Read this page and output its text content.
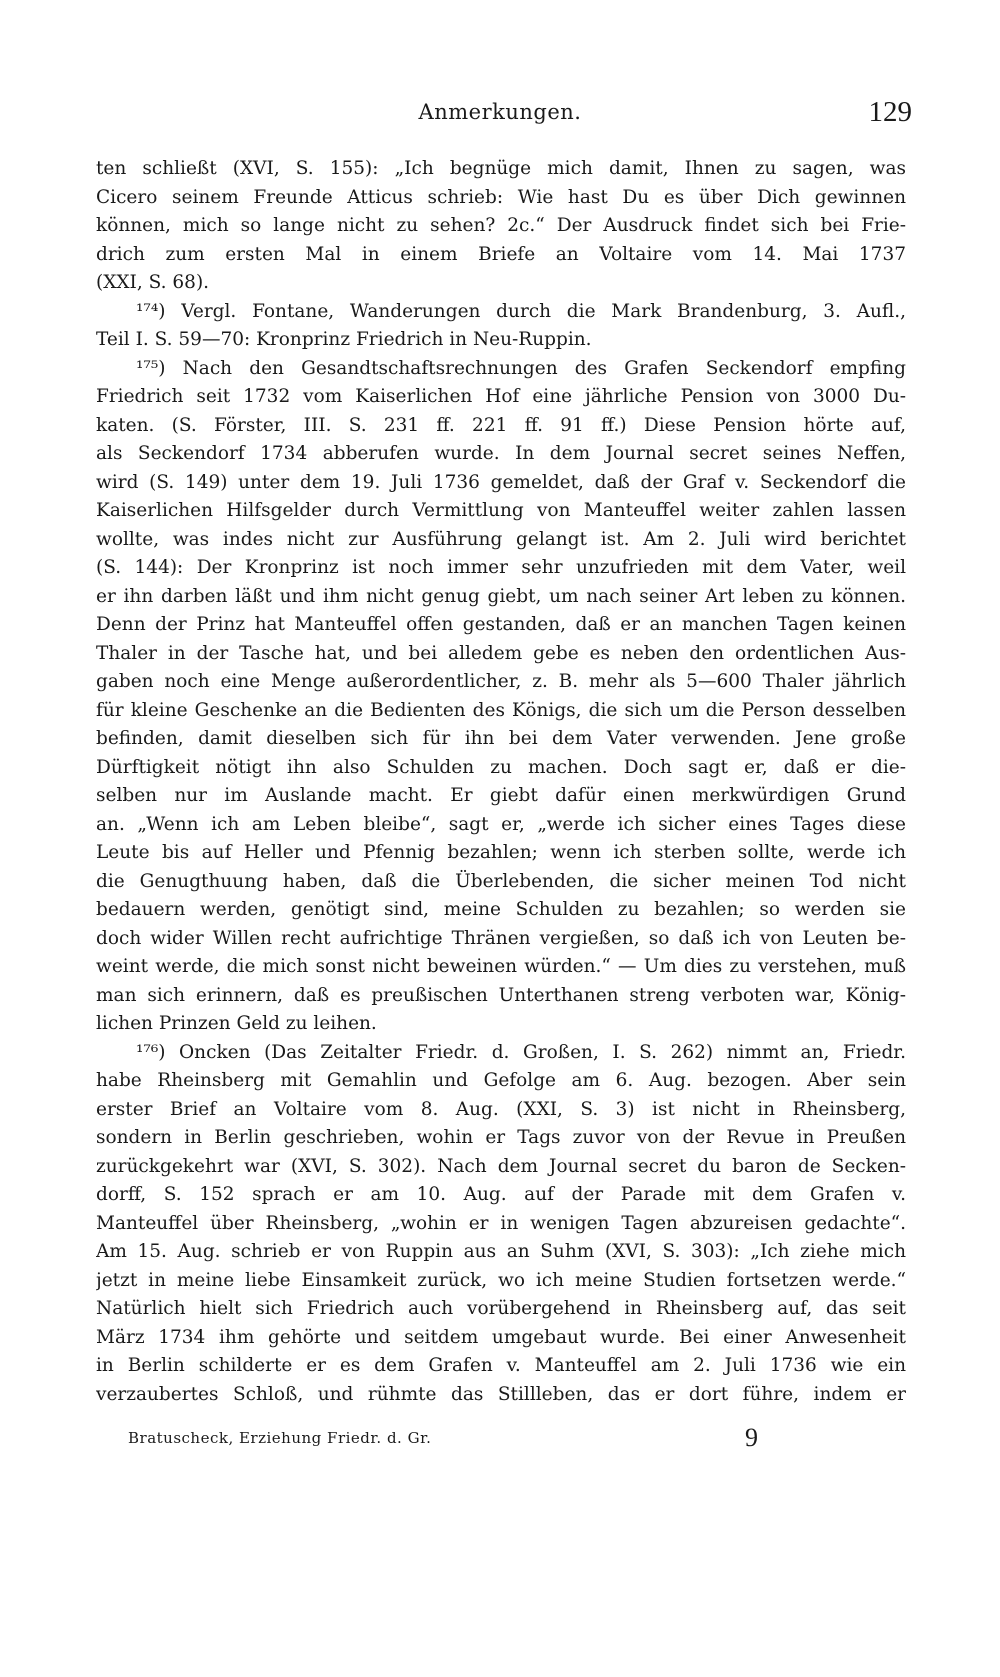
Anmerkungen.	129
ten schließt (XVI, S. 155): „Ich begnüge mich damit, Ihnen zu sagen, was
Cicero seinem Freunde Atticus schrieb: Wie hast Du es über Dich gewinnen
können, mich so lange nicht zu sehen? 2c.“ Der Ausdruck findet sich bei Frie-
drich zum ersten Mal in einem Briefe an Voltaire vom 14. Mai 1737
(XXI, S. 68).
¹⁷⁴) Vergl. Fontane, Wanderungen durch die Mark Brandenburg, 3. Aufl.,
Teil I. S. 59—70: Kronprinz Friedrich in Neu-Ruppin.
¹⁷⁵) Nach den Gesandtschaftsrechnungen des Grafen Seckendorf empfing
Friedrich seit 1732 vom Kaiserlichen Hof eine jährliche Pension von 3000 Du-
katen. (S. Förster, III. S. 231 ff. 221 ff. 91 ff.) Diese Pension hörte auf,
als Seckendorf 1734 abberufen wurde. In dem Journal secret seines Neffen,
wird (S. 149) unter dem 19. Juli 1736 gemeldet, daß der Graf v. Seckendorf die
Kaiserlichen Hilfsgelder durch Vermittlung von Manteuffel weiter zahlen lassen
wollte, was indes nicht zur Ausführung gelangt ist. Am 2. Juli wird berichtet
(S. 144): Der Kronprinz ist noch immer sehr unzufrieden mit dem Vater, weil
er ihn darben läßt und ihm nicht genug giebt, um nach seiner Art leben zu können.
Denn der Prinz hat Manteuffel offen gestanden, daß er an manchen Tagen keinen
Thaler in der Tasche hat, und bei alledem gebe es neben den ordentlichen Aus-
gaben noch eine Menge außerordentlicher, z. B. mehr als 5—600 Thaler jährlich
für kleine Geschenke an die Bedienten des Königs, die sich um die Person desselben
befinden, damit dieselben sich für ihn bei dem Vater verwenden. Jene große
Dürftigkeit nötigt ihn also Schulden zu machen. Doch sagt er, daß er die-
selben nur im Auslande macht. Er giebt dafür einen merkwürdigen Grund
an. „Wenn ich am Leben bleibe“, sagt er, „werde ich sicher eines Tages diese
Leute bis auf Heller und Pfennig bezahlen; wenn ich sterben sollte, werde ich
die Genugthuung haben, daß die Überlebenden, die sicher meinen Tod nicht
bedauern werden, genötigt sind, meine Schulden zu bezahlen; so werden sie
doch wider Willen recht aufrichtige Thränen vergießen, so daß ich von Leuten be-
weint werde, die mich sonst nicht beweinen würden.“ — Um dies zu verstehen, muß
man sich erinnern, daß es preußischen Unterthanen streng verboten war, König-
lichen Prinzen Geld zu leihen.
¹⁷⁶) Oncken (Das Zeitalter Friedr. d. Großen, I. S. 262) nimmt an, Friedr.
habe Rheinsberg mit Gemahlin und Gefolge am 6. Aug. bezogen. Aber sein
erster Brief an Voltaire vom 8. Aug. (XXI, S. 3) ist nicht in Rheinsberg,
sondern in Berlin geschrieben, wohin er Tags zuvor von der Revue in Preußen
zurückgekehrt war (XVI, S. 302). Nach dem Journal secret du baron de Secken-
dorff, S. 152 sprach er am 10. Aug. auf der Parade mit dem Grafen v.
Manteuffel über Rheinsberg, „wohin er in wenigen Tagen abzureisen gedachte“.
Am 15. Aug. schrieb er von Ruppin aus an Suhm (XVI, S. 303): „Ich ziehe mich
jetzt in meine liebe Einsamkeit zurück, wo ich meine Studien fortsetzen werde.“
Natürlich hielt sich Friedrich auch vorübergehend in Rheinsberg auf, das seit
März 1734 ihm gehörte und seitdem umgebaut wurde. Bei einer Anwesenheit
in Berlin schilderte er es dem Grafen v. Manteuffel am 2. Juli 1736 wie ein
verzaubertes Schloß, und rühmte das Stillleben, das er dort führe, indem er
Bratuscheck, Erziehung Friedr. d. Gr.	9
